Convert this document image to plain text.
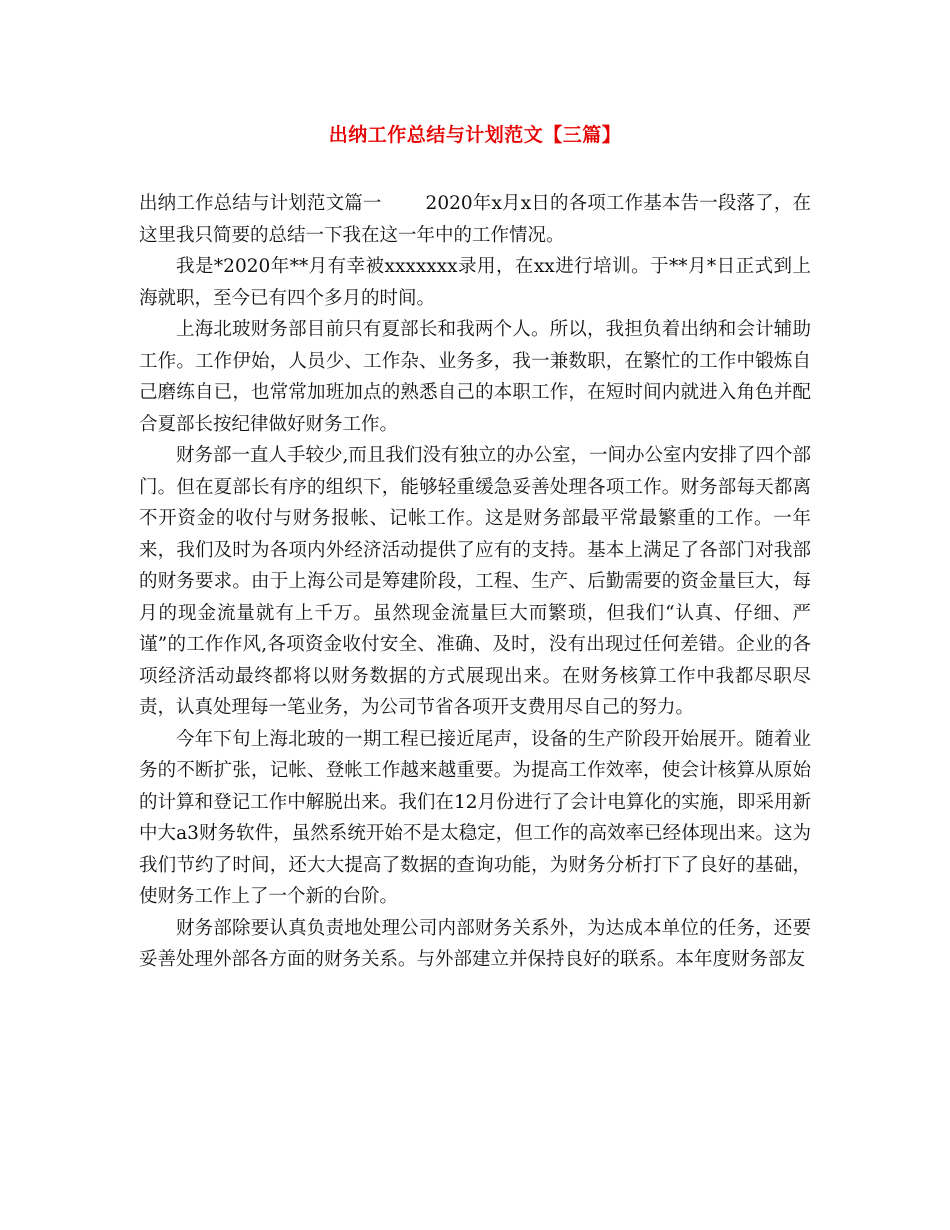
出纳工作总结与计划范文【三篇】

出纳工作总结与计划范文篇一 2020年x月x日的各项工作基本告一段落了，在这里我只简要的总结一下我在这一年中的工作情况。

我是*2020年**月有幸被xxxxxxx录用，在xx进行培训。于**月*日正式到上海就职，至今已有四个多月的时间。

上海北玻财务部目前只有夏部长和我两个人。所以，我担负着出纳和会计辅助工作。工作伊始，人员少、工作杂、业务多，我一兼数职，在繁忙的工作中锻炼自己磨练自已，也常常加班加点的熟悉自己的本职工作，在短时间内就进入角色并配合夏部长按纪律做好财务工作。

财务部一直人手较少,而且我们没有独立的办公室，一间办公室内安排了四个部门。但在夏部长有序的组织下，能够轻重缓急妥善处理各项工作。财务部每天都离不开资金的收付与财务报帐、记帐工作。这是财务部最平常最繁重的工作。一年来，我们及时为各项内外经济活动提供了应有的支持。基本上满足了各部门对我部的财务要求。由于上海公司是筹建阶段，工程、生产、后勤需要的资金量巨大，每月的现金流量就有上千万。虽然现金流量巨大而繁琐，但我们“认真、仔细、严谨”的工作作风,各项资金收付安全、准确、及时，没有出现过任何差错。企业的各项经济活动最终都将以财务数据的方式展现出来。在财务核算工作中我都尽职尽责，认真处理每一笔业务，为公司节省各项开支费用尽自己的努力。

今年下旬上海北玻的一期工程已接近尾声，设备的生产阶段开始展开。随着业务的不断扩张，记帐、登帐工作越来越重要。为提高工作效率，使会计核算从原始的计算和登记工作中解脱出来。我们在12月份进行了会计电算化的实施，即采用新中大a3财务软件，虽然系统开始不是太稳定，但工作的高效率已经体现出来。这为我们节约了时间，还大大提高了数据的查询功能，为财务分析打下了良好的基础，使财务工作上了一个新的台阶。

财务部除要认真负责地处理公司内部财务关系外，为达成本单位的任务，还要妥善处理外部各方面的财务关系。与外部建立并保持良好的联系。本年度财务部友
